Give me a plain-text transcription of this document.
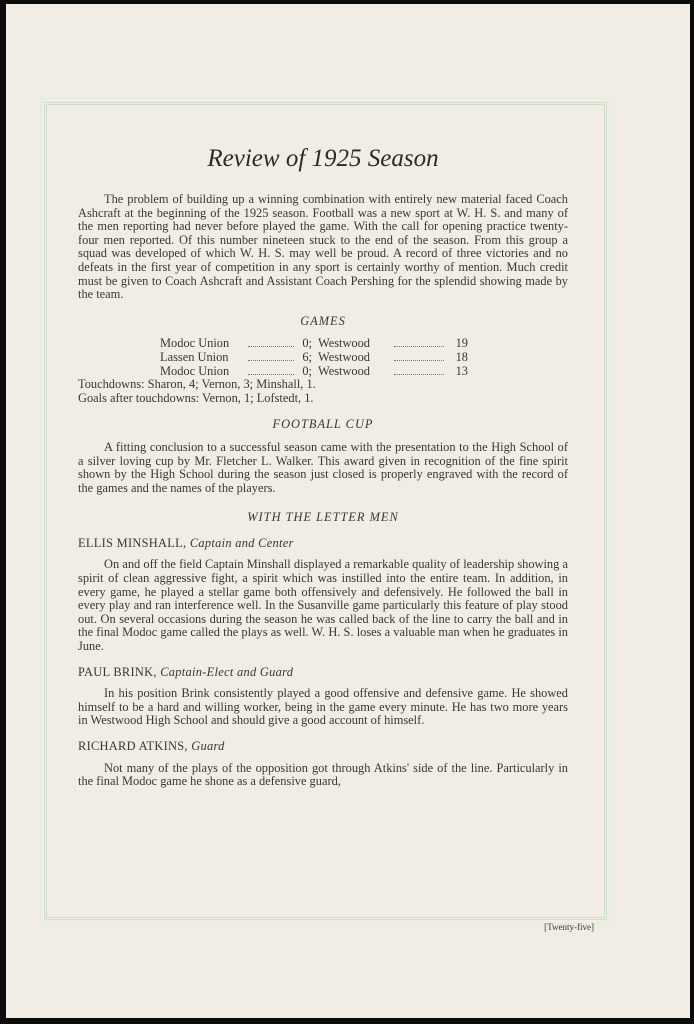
Review of 1925 Season

The problem of building up a winning combination with entirely new material faced Coach Ashcraft at the beginning of the 1925 season. Football was a new sport at W. H. S. and many of the men reporting had never before played the game. With the call for opening practice twenty-four men reported. Of this number nineteen stuck to the end of the season. From this group a squad was developed of which W. H. S. may well be proud. A record of three victories and no defeats in the first year of competition in any sport is certainly worthy of mention. Much credit must be given to Coach Ashcraft and Assistant Coach Pershing for the splendid showing made by the team.

GAMES
Modoc Union	0; Westwood	19
Lassen Union	6; Westwood	18
Modoc Union	0; Westwood	13
Touchdowns: Sharon, 4; Vernon, 3; Minshall, 1.
Goals after touchdowns: Vernon, 1; Lofstedt, 1.
FOOTBALL CUP

A fitting conclusion to a successful season came with the presentation to the High School of a silver loving cup by Mr. Fletcher L. Walker. This award given in recognition of the fine spirit shown by the High School during the season just closed is properly engraved with the record of the games and the names of the players.

WITH THE LETTER MEN
ELLIS MINSHALL, Captain and Center

On and off the field Captain Minshall displayed a remarkable quality of leadership showing a spirit of clean aggressive fight, a spirit which was instilled into the entire team. In addition, in every game, he played a stellar game both offensively and defensively. He followed the ball in every play and ran interference well. In the Susanville game particularly this feature of play stood out. On several occasions during the season he was called back of the line to carry the ball and in the final Modoc game called the plays as well. W. H. S. loses a valuable man when he graduates in June.

PAUL BRINK, Captain-Elect and Guard

In his position Brink consistently played a good offensive and defensive game. He showed himself to be a hard and willing worker, being in the game every minute. He has two more years in Westwood High School and should give a good account of himself.

RICHARD ATKINS, Guard

Not many of the plays of the opposition got through Atkins' side of the line. Particularly in the final Modoc game he shone as a defensive guard,

[Twenty-five]
